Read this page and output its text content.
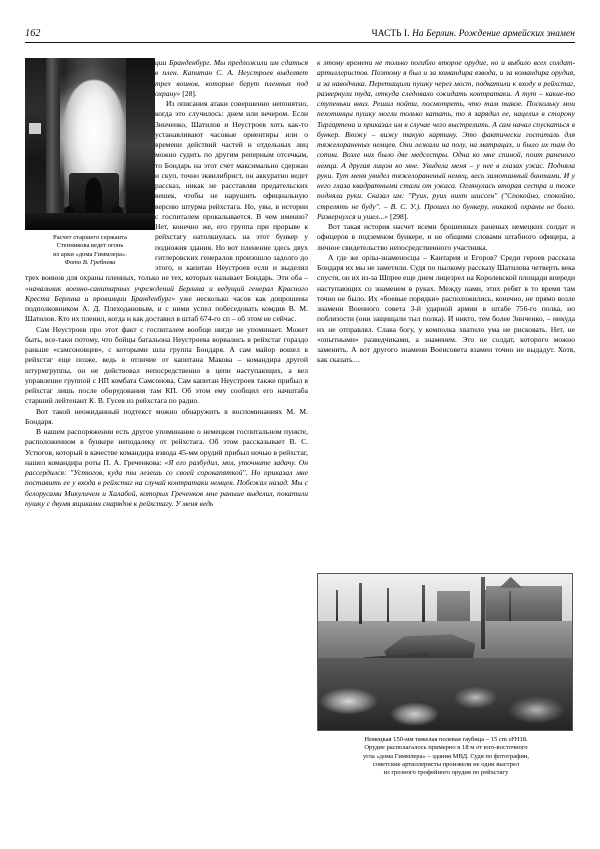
162	ЧАСТЬ I. На Берлин. Рождение армейских знамен
Расчет старшего сержанта
Стенникова ведет огонь
из арки «дома Гиммлера».
Фото В. Гребнева

ции Бранденбург. Мы предложили им сдаться в плен. Капитан С. А. Неустроев выделяет трех воинов, которые берут пленных под охрану» [28].

Из описания атаки совершенно непонятно, когда это случилось: днем или вечером. Если Зинченко, Шатилов и Неустроев хоть как-то устанавливают часовые ориентиры или о времени действий частей и отдельных лиц можно судить по другим реперным отсечкам, то Бондарь на этот счет максимально сдержан и скуп, точно эквилибрист, он аккуратно ведет рассказ, никак не расставляя предательских вешек, чтобы не нарушить официальную версию штурма рейхстага. Но, увы, в истории с госпиталем прокалывается. В чем именно? Нет, конечно же, его группа при прорыве к рейхстагу натолкнулась на этот бункер у подножия здания. Но вот пленение здесь двух гитлеровских генералов произошло задолго до этого, и капитан Неустроев если и выделял трех воинов для охраны пленных, только не тех, которых называет Бондарь. Эти оба – «начальник военно-санитарных учреждений Берлина и ведущий генерал Красного Креста Берлина и провинции Бранденбург» уже несколько часов как допрошены подполковником А. Д. Плеходановым, и с ними успел побеседовать комдив В. М. Шатилов. Кто их пленил, когда и как доставил в штаб 674-го сп – об этом не сейчас.

Сам Неустроев про этот факт с госпиталем вообще нигде не упоминает. Может быть, все-таки потому, что бойцы батальона Неустроева ворвались в рейхстаг гораздо раньше «самсоновцев», с которыми шла группа Бондаря. А сам майор вошел в рейхстаг еще позже, ведь в отличие от капитана Макова – командира другой штурмгруппы, он не действовал непосредственно в цепи наступающих, а вел управление группой с НП комбата Самсонова. Сам капитан Неустроев также прибыл в рейхстаг лишь после оборудования там КП. Об этом ему сообщил его начштаба старший лейтенант К. В. Гусев из рейхстага по радио.

Вот такой неожиданный подтекст можно обнаружить в воспоминаниях М. М. Бондаря.

В нашем распоряжении есть другое упоминание о немецком госпитальном пункте, расположенном в бункере неподалеку от рейхстага. Об этом рассказывает В. С. Устюгов, который в качестве командира взвода 45-мм орудий прибыл ночью в рейхстаг, нашел командира роты П. А. Греченкова: «Я его разбудил, мол, уточните задачу. Он рассердился: "Устюгов, куда ты лезешь со своей сорокапяткой". Но приказал мне поставить ее у входа в рейхстаг на случай контратаки немцев. Побежал назад. Мы с белорусами Микуличем и Халабой, которых Греченков мне раньше выделил, покатили пушку с двумя ящиками снарядов к рейхстагу. У меня ведь

к этому времени не только погибло второе орудие, но и выбило всех солдат-артиллеристов. Поэтому я был и за командира взвода, и за командира орудия, и за наводчика. Перетащили пушку через мост, подкатили к входу в рейхстаг, развернули туда, откуда следовало ожидать контратаки. А тут – какие-то ступеньки вниз. Решил пойти, посмотреть, что там такое. Поскольку мои пехотинцы пушку могли только катать, то я зарядил ее, нацелил в сторону Тиргартена и приказал им в случае чего выстрелить. А сам начал спускаться в бункер. Вхожу – вижу такую картину. Это фактически госпиталь для тяжелораненых немцев. Они лежали на полу, на матрацах, и было их там до сотни. Возле них было две медсестры. Одна ко мне спиной, поит раненого немца. А другая лицом ко мне. Увидела меня – у нее в глазах ужас. Подняла руки. Тут меня увидел тяжелораненый немец, весь замотанный бинтами. И у него глаза квадратными стали от ужаса. Оглянулась вторая сестра и тоже подняла руки. Сказал им: "Рyих, рyих нихт шиссен" ("Спокойно, спокойно, стрелять не буду". – В. С. У.). Прошел по бункеру, никакой охраны не было. Развернулся и ушел...» [298].

Вот такая история насчет всеми брошенных раненых немецких солдат и офицеров в подземном бункере, и не общими словами штабного офицера, а личное свидетельство непосредственного участника.

А где же орлы-знаменосцы – Кантария и Егоров? Среди героев рассказа Бондаря их мы не заметили. Судя по пылкому рассказу Шатилова четверть века спустя, он их из-за Шпрее еще днем лицезрел на Королевской площади впереди наступающих со знаменем в руках. Между нами, этих ребят в то время там точно не было. Их «боевые порядки» расположились, конечно, не прямо возле знамени Военного совета 3-й ударной армии в штабе 756-го полка, но поблизости (они защищали тыл полка). И никто, тем более Зинченко, – никуда их не отправлял. Слава богу, у комполка хватило ума не рисковать. Нет, не «опытными» разведчиками, а знаменем. Это не солдат, которого можно заменить. А вот другого знамени Военсовета взамен точно не выдадут. Хотя, как сказать…

Немецкая 150-мм тяжелая полевая гаубица – 15 cm sFH18.
Орудие располагалось примерно в 18 м от юго-восточного
угла «дома Гиммлера» – здания МВД. Судя по фотографии,
советские артиллеристы произвели не один выстрел
из грозного трофейного орудия по рейхстагу
